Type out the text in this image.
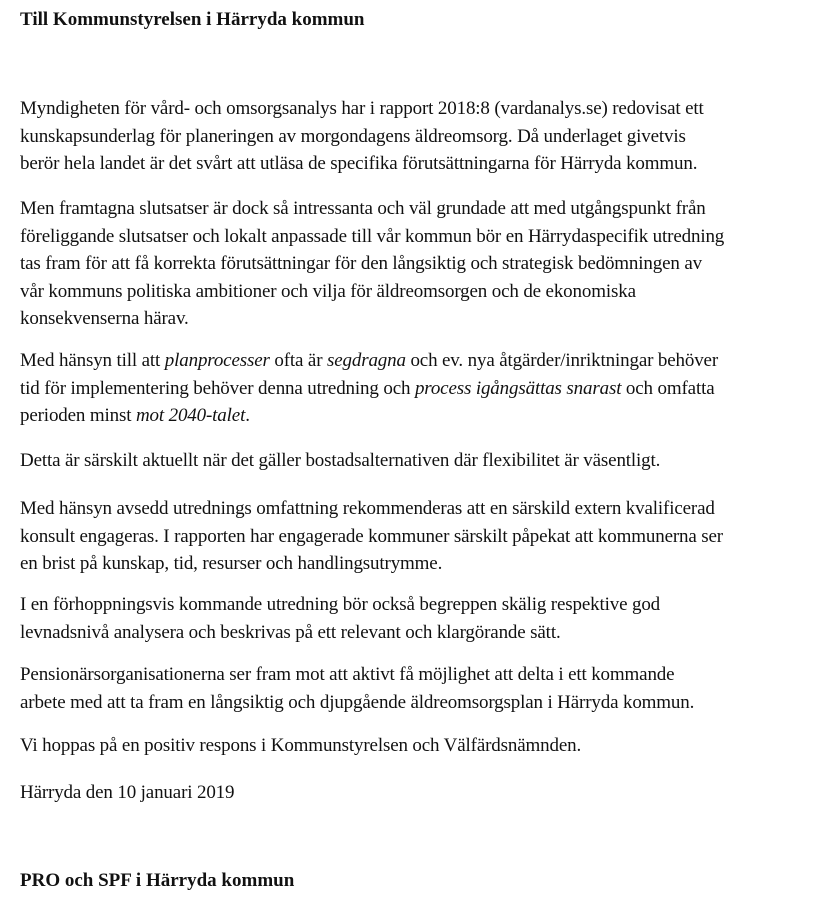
Till Kommunstyrelsen i Härryda kommun
Myndigheten för vård- och omsorgsanalys har i rapport 2018:8 (vardanalys.se) redovisat ett
kunskapsunderlag för planeringen av morgondagens äldreomsorg. Då underlaget givetvis
berör hela landet är det svårt att utläsa de specifika förutsättningarna för Härryda kommun.
Men framtagna slutsatser är dock så intressanta och väl grundade att med utgångspunkt från
föreliggande slutsatser och lokalt anpassade till vår kommun bör en Härrydaspecifik utredning
tas fram för att få korrekta förutsättningar för den långsiktig och strategisk bedömningen av
vår kommuns politiska ambitioner och vilja för äldreomsorgen och de ekonomiska
konsekvenserna härav.
Med hänsyn till att planprocesser ofta är segdragna och ev. nya åtgärder/inriktningar behöver
tid för implementering behöver denna utredning och process igångsättas snarast och omfatta
perioden minst mot 2040-talet.
Detta är särskilt aktuellt när det gäller bostadsalternativen där flexibilitet är väsentligt.
Med hänsyn avsedd utrednings omfattning rekommenderas att en särskild extern kvalificerad
konsult engageras. I rapporten har engagerade kommuner särskilt påpekat att kommunerna ser
en brist på kunskap, tid, resurser och handlingsutrymme.
I en förhoppningsvis kommande utredning bör också begreppen skälig respektive god
levnadsnivå analysera och beskrivas på ett relevant och klargörande sätt.
Pensionärsorganisationerna ser fram mot att aktivt få möjlighet att delta i ett kommande
arbete med att ta fram en långsiktig och djupgående äldreomsorgsplan i Härryda kommun.
Vi hoppas på en positiv respons i Kommunstyrelsen och Välfärdsnämnden.
Härryda den 10 januari 2019
PRO och SPF i Härryda kommun
